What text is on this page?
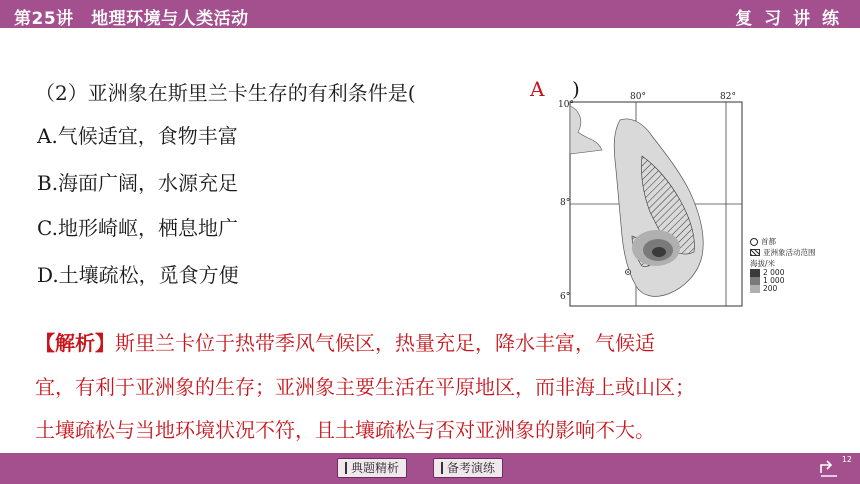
第25讲　地理环境与人类活动	复 习 讲 练
（2）亚洲象在斯里兰卡生存的有利条件是(	A )
A.气候适宜，食物丰富
B.海面广阔，水源充足
C.地形崎岖，栖息地广
D.土壤疏松，觅食方便
80°	82°
10°
8°
6°
首都
亚洲象活动范围
海拔/米
2 000
1 000
200
【解析】斯里兰卡位于热带季风气候区，热量充足，降水丰富，气候适
宜，有利于亚洲象的生存；亚洲象主要生活在平原地区，而非海上或山区；
土壤疏松与当地环境状况不符，且土壤疏松与否对亚洲象的影响不大。
典题精析	备考演练
12
